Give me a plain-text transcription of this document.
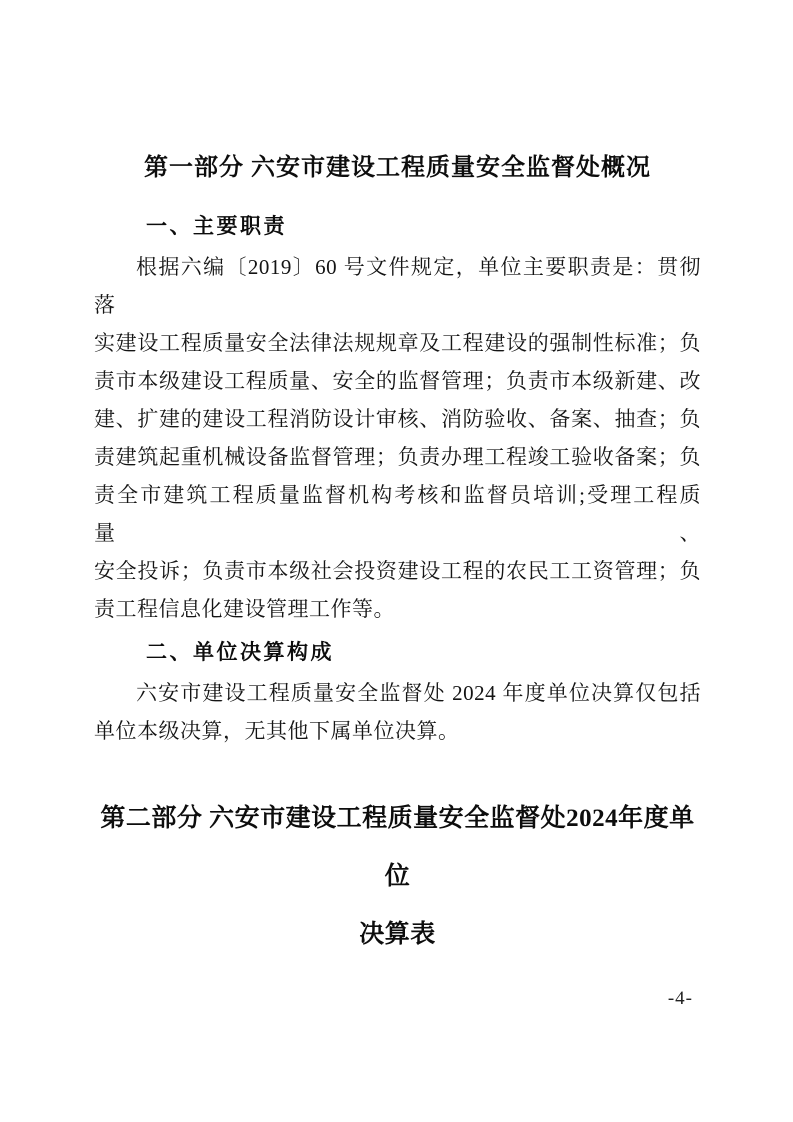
第一部分 六安市建设工程质量安全监督处概况
一、主要职责
根据六编〔2019〕60 号文件规定，单位主要职责是：贯彻落
实建设工程质量安全法律法规规章及工程建设的强制性标准；负
责市本级建设工程质量、安全的监督管理；负责市本级新建、改
建、扩建的建设工程消防设计审核、消防验收、备案、抽查；负
责建筑起重机械设备监督管理；负责办理工程竣工验收备案；负
责全市建筑工程质量监督机构考核和监督员培训;受理工程质量、
安全投诉；负责市本级社会投资建设工程的农民工工资管理；负
责工程信息化建设管理工作等。
二、单位决算构成
六安市建设工程质量安全监督处 2024 年度单位决算仅包括
单位本级决算，无其他下属单位决算。
第二部分 六安市建设工程质量安全监督处2024年度单位
决算表
-4-
